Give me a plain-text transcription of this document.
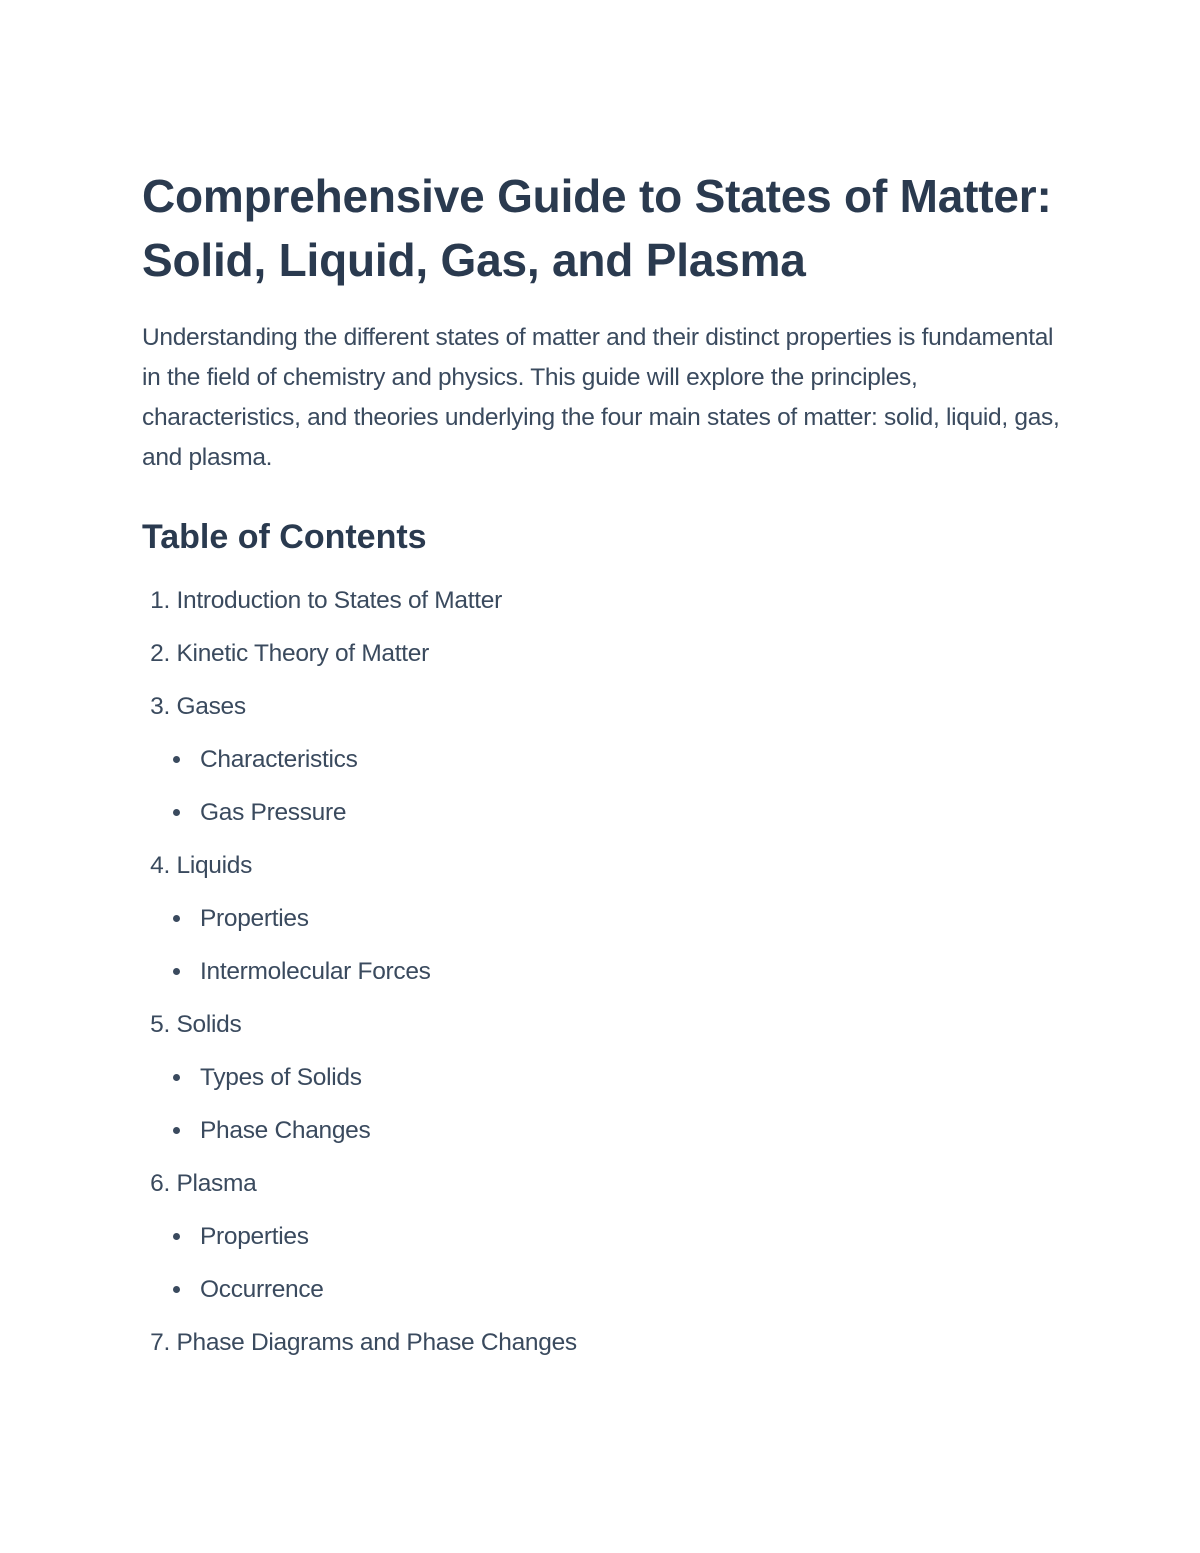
Comprehensive Guide to States of Matter: Solid, Liquid, Gas, and Plasma

Understanding the different states of matter and their distinct properties is fundamental in the field of chemistry and physics. This guide will explore the principles, characteristics, and theories underlying the four main states of matter: solid, liquid, gas, and plasma.

Table of Contents
1.
Introduction to States of Matter
2.
Kinetic Theory of Matter
3.
Gases
Characteristics
Gas Pressure
4.
Liquids
Properties
Intermolecular Forces
5.
Solids
Types of Solids
Phase Changes
6.
Plasma
Properties
Occurrence
7.
Phase Diagrams and Phase Changes
